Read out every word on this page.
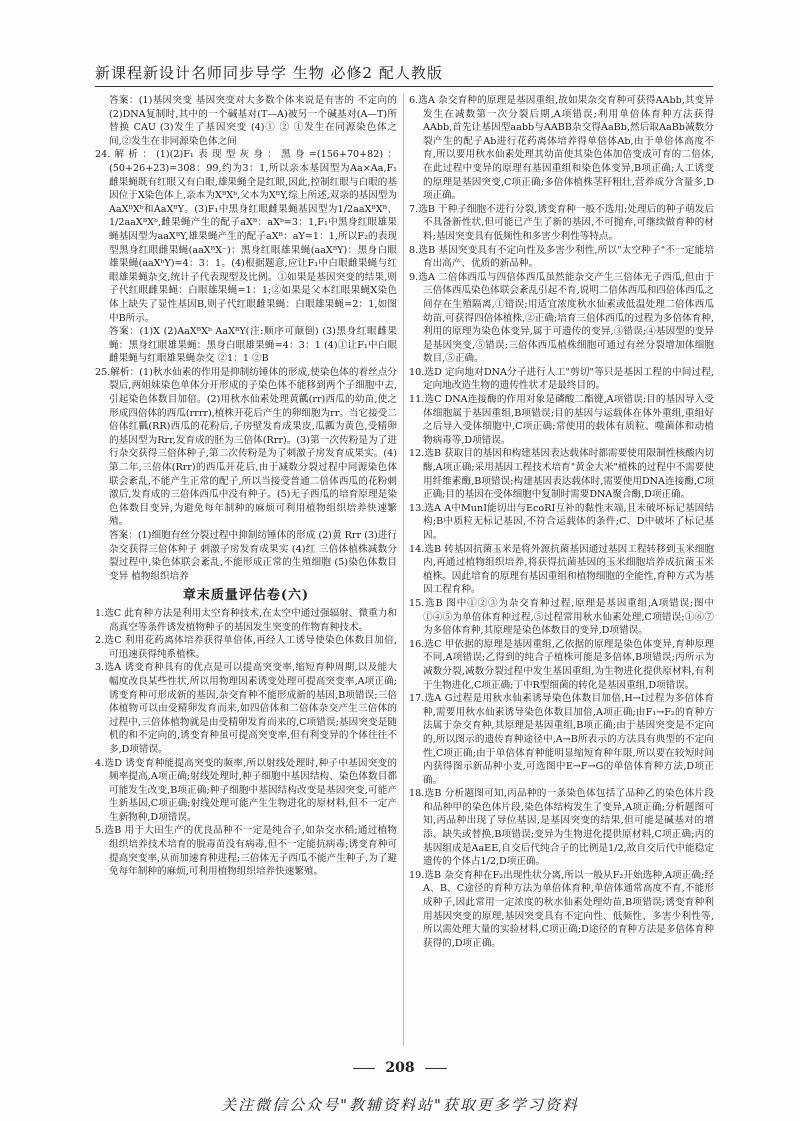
新课程新设计名师同步导学 生物 必修2 配人教版

答案：(1)基因突变 基因突变对大多数个体来说是有害的 不定向的 (2)DNA复制时,其中的一个碱基对(T—A)被另一个碱基对(A—T)所替换 CAU (3)发生了基因突变 (4)① ② ①发生在同源染色体之间,②发生在非同源染色体之间

24.解析：(1)(2)F₁表现型灰身：黑身=(156+70+82)：(50+26+23)=308：99,约为3：1,所以亲本基因型为Aa×Aa,F₁雌果蝇既有红眼又有白眼,雄果蝇全是红眼,因此,控制红眼与白眼的基因位于X染色体上,亲本为XᴮXᵇ,父本为XᴮY,综上所述,双亲的基因型为AaXᴮXᵇ和AaXᴮY。(3)F₁中黑身红眼雌果蝇基因型为1/2aaXᴮXᴮ、1/2aaXᴮXᵇ,雌果蝇产生的配子aXᴮ：aXᵇ=3：1,F₁中黑身红眼雄果蝇基因型为aaXᴮY,雄果蝇产生的配子aXᴮ：aY=1：1,所以F₂的表现型黑身红眼雌果蝇(aaXᴮX⁻)：黑身红眼雄果蝇(aaXᴮY)：黑身白眼雄果蝇(aaXᵇY)=4：3：1。(4)根据题意,应让F₁中白眼雌果蝇与红眼雄果蝇杂交,统计子代表现型及比例。①如果是基因突变的结果,则子代红眼雌果蝇：白眼雄果蝇=1：1;②如果是父本红眼果蝇X染色体上缺失了显性基因B,则子代红眼雌果蝇：白眼雄果蝇=2：1,如图中B所示。

答案：(1)X (2)AaXᴮXᵇ AaXᴮY(注:顺序可颠倒) (3)黑身红眼雌果蝇：黑身红眼雄果蝇：黑身白眼雄果蝇=4：3：1 (4)①让F₁中白眼雌果蝇与红眼雄果蝇杂交 ②1：1 ②B

25.解析：(1)秋水仙素的作用是抑制纺锤体的形成,使染色体的着丝点分裂后,两姐妹染色单体分开形成的子染色体不能移到两个子细胞中去,引起染色体数目加倍。(2)用秋水仙素处理黄瓤(rr)西瓜的幼苗,使之形成四倍体的西瓜(rrrr),植株开花后产生的卵细胞为rr。当它接受二倍体红瓤(RR)西瓜的花粉后,子房壁发育成果皮,瓜瓤为黄色,受精卵的基因型为Rrr,发育成的胚为三倍体(Rrr)。(3)第一次传粉是为了进行杂交获得三倍体种子,第二次传粉是为了刺激子房发育成果实。(4)第二年,三倍体(Rrr)的西瓜开花后,由于减数分裂过程中同源染色体联会紊乱,不能产生正常的配子,所以当接受普通二倍体西瓜的花粉刺激后,发育成的三倍体西瓜中没有种子。(5)无子西瓜的培育原理是染色体数目变异,为避免每年制种的麻烦可利用植物组织培养快速繁殖。

答案：(1)细胞有丝分裂过程中抑制纺锤体的形成 (2)黄 Rrr (3)进行杂交获得三倍体种子 刺激子房发育成果实 (4)红 三倍体植株减数分裂过程中,染色体联会紊乱,不能形成正常的生殖细胞 (5)染色体数目变异 植物组织培养

章末质量评估卷(六)

1.选C 此育种方法是利用太空育种技术,在太空中通过强辐射、微重力和高真空等条件诱发植物种子的基因发生突变的作物育种技术。

2.选C 利用花药离体培养获得单倍体,再经人工诱导使染色体数目加倍,可迅速获得纯系植株。

3.选A 诱变育种具有的优点是可以提高突变率,缩短育种周期,以及能大幅度改良某些性状,所以用物理因素诱变处理可提高突变率,A项正确;诱变育种可形成新的基因,杂交育种不能形成新的基因,B项错误;三倍体植物可以由受精卵发育而来,如四倍体和二倍体杂交产生三倍体的过程中,三倍体植物就是由受精卵发育而来的,C项错误;基因突变是随机的和不定向的,诱变育种虽可提高突变率,但有利变异的个体往往不多,D项错误。

4.选D 诱变育种能提高突变的频率,所以射线处理时,种子中基因突变的频率提高,A项正确;射线处理时,种子细胞中基因结构、染色体数目都可能发生改变,B项正确;种子细胞中基因结构改变是基因突变,可能产生新基因,C项正确;射线处理可能产生生物进化的原材料,但不一定产生新物种,D项错误。

5.选B 用于大田生产的优良品种不一定是纯合子,如杂交水稻;通过植物组织培养技术培育的脱毒苗没有病毒,但不一定能抗病毒;诱变育种可提高突变率,从而加速育种进程;三倍体无子西瓜不能产生种子,为了避免每年制种的麻烦,可利用植物组织培养快速繁殖。

6.选A 杂交育种的原理是基因重组,故如果杂交育种可获得AAbb,其变异发生在减数第一次分裂后期,A项错误;利用单倍体育种方法获得AAbb,首先让基因型aabb与AABB杂交得AaBb,然后取AaBb减数分裂产生的配子Ab进行花药离体培养得单倍体Ab,由于单倍体高度不育,所以要用秋水仙素处理其幼苗使其染色体加倍变成可育的二倍体,在此过程中变异的原理有基因重组和染色体变异,B项正确;人工诱变的原理是基因突变,C项正确;多倍体植株茎秆粗壮,营养成分含量多,D项正确。

7.选B 干种子细胞不进行分裂,诱变育种一般不选用;处理后的种子萌发后不具备新性状,但可能已产生了新的基因,不可抛弃,可继续做育种的材料;基因突变具有低频性和多害少利性等特点。

8.选B 基因突变具有不定向性及多害少利性,所以"太空种子"不一定能培育出高产、优质的新品种。

9.选A 二倍体西瓜与四倍体西瓜虽然能杂交产生三倍体无子西瓜,但由于三倍体西瓜染色体联会紊乱引起不育,说明二倍体西瓜和四倍体西瓜之间存在生殖隔离,①错误;用适宜浓度秋水仙素或低温处理二倍体西瓜幼苗,可获得四倍体植株,②正确;培育三倍体西瓜的过程为多倍体育种,利用的原理为染色体变异,属于可遗传的变异,③错误;④基因型的变异是基因突变,⑤错误;三倍体西瓜植株细胞可通过有丝分裂增加体细胞数目,⑤正确。

10.选D 定向地对DNA分子进行人工"剪切"等只是基因工程的中间过程,定向地改造生物的遗传性状才是最终目的。

11.选C DNA连接酶的作用对象是磷酸二酯键,A项错误;目的基因导入受体细胞属于基因重组,B项错误;目的基因与运载体在体外重组,重组好之后导入受体细胞中,C项正确;常使用的载体有质粒、噬菌体和动植物病毒等,D项错误。

12.选B 获取目的基因和构建基因表达载体时都需要使用限制性核酸内切酶,A项正确;采用基因工程技术培育"黄金大米"植株的过程中不需要使用纤维素酶,B项错误;构建基因表达载体时,需要使用DNA连接酶,C项正确;目的基因在受体细胞中复制时需要DNA聚合酶,D项正确。

13.选A A中MunⅠ能切出与EcoRⅠ互补的黏性末端,且未破坏标记基因结构;B中质粒无标记基因,不符合运载体的条件;C、D中破坏了标记基因。

14.选B 转基因抗菌玉米是将外源抗菌基因通过基因工程转移到玉米细胞内,再通过植物组织培养,将获得抗菌基因的玉米细胞培养成抗菌玉米植株。因此培育的原理有基因重组和植物细胞的全能性,育种方式为基因工程育种。

15.选B 图中①②③为杂交育种过程,原理是基因重组,A项错误;图中①④⑤为单倍体育种过程,⑤过程常用秋水仙素处理,C项错误;①⑥⑦为多倍体育种,其原理是染色体数目的变异,D项错误。

16.选C 甲依据的原理是基因重组,乙依据的原理是染色体变异,育种原理不同,A项错误;乙得到的纯合子植株可能是多倍体,B项错误;丙所示为减数分裂,减数分裂过程中发生基因重组,为生物进化提供原材料,有利于生物进化,C项正确;丁中R型细菌的转化是基因重组,D项错误。

17.选A G过程是用秋水仙素诱导染色体数目加倍,H→I过程为多倍体育种,需要用秋水仙素诱导染色体数目加倍,A项正确;由F₁→F₂的育种方法属于杂交育种,其原理是基因重组,B项正确;由于基因突变是不定向的,所以图示的遗传育种途径中,A→B所表示的方法具有典型的不定向性,C项正确;由于单倍体育种能明显缩短育种年限,所以要在较短时间内获得图示新品种小麦,可选图中E→F→G的单倍体育种方法,D项正确。

18.选B 分析题图可知,丙品种的一条染色体包括了品种乙的染色体片段和品种甲的染色体片段,染色体结构发生了变异,A项正确;分析题图可知,丙品种出现了导位基因,是基因突变的结果,但可能是碱基对的增添、缺失或替换,B项错误;变异为生物进化提供原材料,C项正确;丙的基因组成是AaEE,自交后代纯合子的比例是1/2,故自交后代中能稳定遗传的个体占1/2,D项正确。

19.选B 杂交育种在F₂出现性状分离,所以一般从F₂开始选种,A项正确;经A、B、C途径的育种方法为单倍体育种,单倍体通常高度不育,不能形成种子,因此常用一定浓度的秋水仙素处理幼苗,B项错误;诱变育种利用基因突变的原理,基因突变具有不定向性、低频性、多害少利性等,所以需处理大量的实验材料,C项正确;D途径的育种方法是多倍体育种获得的,D项正确。

208
关注微信公众号"教辅资料站"获取更多学习资料
